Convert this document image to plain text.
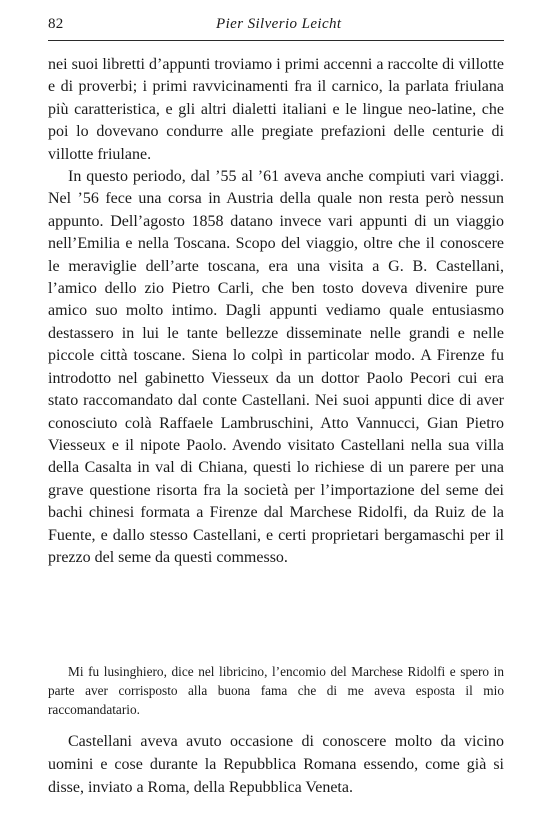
82	Pier Silverio Leicht

nei suoi libretti d’appunti troviamo i primi accenni a raccolte di villotte e di proverbi; i primi ravvicinamenti fra il carnico, la parlata friulana più caratteristica, e gli altri dialetti italiani e le lingue neo-latine, che poi lo dovevano condurre alle pregiate prefazioni delle centurie di villotte friulane.

In questo periodo, dal ’55 al ’61 aveva anche compiuti vari viaggi. Nel ’56 fece una corsa in Austria della quale non resta però nessun appunto. Dell’agosto 1858 datano invece vari appunti di un viaggio nell’Emilia e nella Toscana. Scopo del viaggio, oltre che il conoscere le meraviglie dell’arte toscana, era una visita a G. B. Castellani, l’amico dello zio Pietro Carli, che ben tosto doveva divenire pure amico suo molto intimo. Dagli appunti vediamo quale entusiasmo destassero in lui le tante bellezze disseminate nelle grandi e nelle piccole città toscane. Siena lo colpì in particolar modo. A Firenze fu introdotto nel gabinetto Viesseux da un dottor Paolo Pecori cui era stato raccomandato dal conte Castellani. Nei suoi appunti dice di aver conosciuto colà Raffaele Lambruschini, Atto Vannucci, Gian Pietro Viesseux e il nipote Paolo. Avendo visitato Castellani nella sua villa della Casalta in val di Chiana, questi lo richiese di un parere per una grave questione risorta fra la società per l’importazione del seme dei bachi chinesi formata a Firenze dal Marchese Ridolfi, da Ruiz de la Fuente, e dallo stesso Castellani, e certi proprietari bergamaschi per il prezzo del seme da questi commesso.

Mi fu lusinghiero, dice nel libricino, l’encomio del Marchese Ridolfi e spero in parte aver corrisposto alla buona fama che di me aveva esposta il mio raccomandatario.
Castellani aveva avuto occasione di conoscere molto da vicino uomini e cose durante la Repubblica Romana essendo, come già si disse, inviato a Roma, della Repubblica Veneta.
